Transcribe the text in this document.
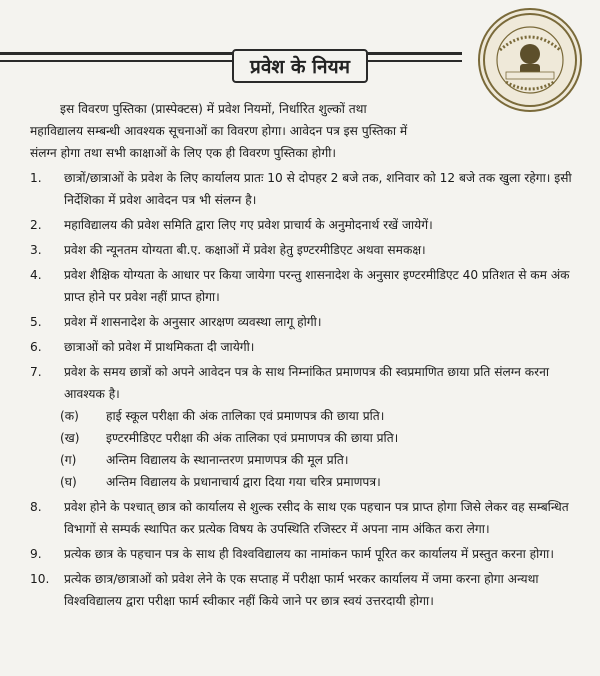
प्रवेश के नियम

इस विवरण पुस्तिका (प्रास्पेक्टस) में प्रवेश नियमों, निर्धारित शुल्कों तथा

महाविद्यालय सम्बन्धी आवश्यक सूचनाओं का विवरण होगा। आवेदन पत्र इस पुस्तिका में

संलग्न होगा तथा सभी काक्षाओं के लिए एक ही विवरण पुस्तिका होगी।

1.	छात्रों/छात्राओं के प्रवेश के लिए कार्यालय प्रातः 10 से दोपहर 2 बजे तक, शनिवार को 12 बजे तक खुला रहेगा। इसी निर्देशिका में प्रवेश आवेदन पत्र भी संलग्न है।
2.	महाविद्यालय की प्रवेश समिति द्वारा लिए गए प्रवेश प्राचार्य के अनुमोदनार्थ रखें जायेगें।
3.	प्रवेश की न्यूनतम योग्यता बी.ए. कक्षाओं में प्रवेश हेतु इण्टरमीडिएट अथवा समकक्ष।
4.	प्रवेश शैक्षिक योग्यता के आधार पर किया जायेगा परन्तु शासनादेश के अनुसार इण्टरमीडिएट 40 प्रतिशत से कम अंक प्राप्त होने पर प्रवेश नहीं प्राप्त होगा।
5.	प्रवेश में शासनादेश के अनुसार आरक्षण व्यवस्था लागू होगी।
6.	छात्राओं को प्रवेश में प्राथमिकता दी जायेगी।
7.	प्रवेश के समय छात्रों को अपने आवेदन पत्र के साथ निम्नांकित प्रमाणपत्र की स्वप्रमाणित छाया प्रति संलग्न करना आवश्यक है।
(क)	हाई स्कूल परीक्षा की अंक तालिका एवं प्रमाणपत्र की छाया प्रति।
(ख)	इण्टरमीडिएट परीक्षा की अंक तालिका एवं प्रमाणपत्र की छाया प्रति।
(ग)	अन्तिम विद्यालय के स्थानान्तरण प्रमाणपत्र की मूल प्रति।
(घ)	अन्तिम विद्यालय के प्रधानाचार्य द्वारा दिया गया चरित्र प्रमाणपत्र।
8.	प्रवेश होने के पश्चात् छात्र को कार्यालय से शुल्क रसीद के साथ एक पहचान पत्र प्राप्त होगा जिसे लेकर वह सम्बन्धित विभागों से सम्पर्क स्थापित कर प्रत्येक विषय के उपस्थिति रजिस्टर में अपना नाम अंकित करा लेगा।
9.	प्रत्येक छात्र के पहचान पत्र के साथ ही विश्वविद्यालय का नामांकन फार्म पूरित कर कार्यालय में प्रस्तुत करना होगा।
10.	प्रत्येक छात्र/छात्राओं को प्रवेश लेने के एक सप्ताह में परीक्षा फार्म भरकर कार्यालय में जमा करना होगा अन्यथा विश्वविद्यालय द्वारा परीक्षा फार्म स्वीकार नहीं किये जाने पर छात्र स्वयं उत्तरदायी होगा।
